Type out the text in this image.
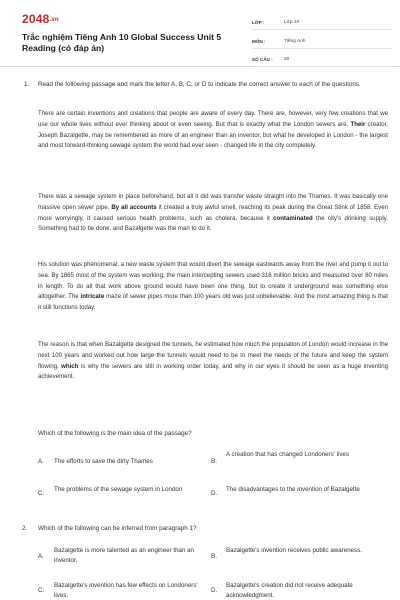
2048.vn
Trắc nghiệm Tiếng Anh 10 Global Success Unit 5 Reading (có đáp án)
LỚP :	Lớp 10
MÔN :	Tiếng Anh
SỐ CÂU :	20
1. Read the following passage and mark the letter A, B, C, or D to indicate the correct answer to each of the questions.

There are certain inventions and creations that people are aware of every day. There are, however, very few creations that we use our whole lives without ever thinking about or even seeing. But that is exactly what the London sewers are. Their creator, Joseph Bazalgette, may be remembered as more of an engineer than an inventor, but what he developed in London - the largest and most forward-thinking sewage system the world had ever seen - changed life in the city completely.

There was a sewage system in place beforehand, but all it did was transfer waste straight into the Thames. It was basically one massive open sewer pipe. By all accounts it created a truly awful smell, reaching its peak during the Great Stink of 1858. Even more worryingly, it caused serious health problems, such as cholera, because it contaminated the city's drinking supply. Something had to be done, and Bazalgette was the man to do it.

His solution was phenomenal: a new waste system that would divert the sewage eastwards away from the river and pump it out to sea. By 1865 most of the system was working, the main intercepting sewers used 318 million bricks and measured over 80 miles in length. To do all that work above ground would have been one thing, but to create it underground was something else altogether. The intricate maze of sewer pipes more than 100 years old was just unbelievable. And the most amazing thing is that it still functions today.

The reason is that when Bazalgette designed the tunnels, he estimated how much the population of London would increase in the next 100 years and worked out how large the tunnels would need to be to meet the needs of the future and keep the system flowing, which is why the sewers are still in working order today, and why in our eyes it should be seen as a huge inventing achievement.

Which of the following is the main idea of the passage?
A. The efforts to save the dirty Thames	B.
A creation that has changed Londoners' lives
C.
The problems of the sewage system in London
D.
The disadvantages to the invention of Bazalgette
2. Which of the following can be inferred from paragraph 1?
A.
Bazalgette is more talented as an engineer than an inventor.
B.
Bazalgette's invention receives public awareness.
C.
Bazalgette's invention has few effects on Londoners' lives.
D.
Bazalgette's creation did not receive adequate acknowledgment.
